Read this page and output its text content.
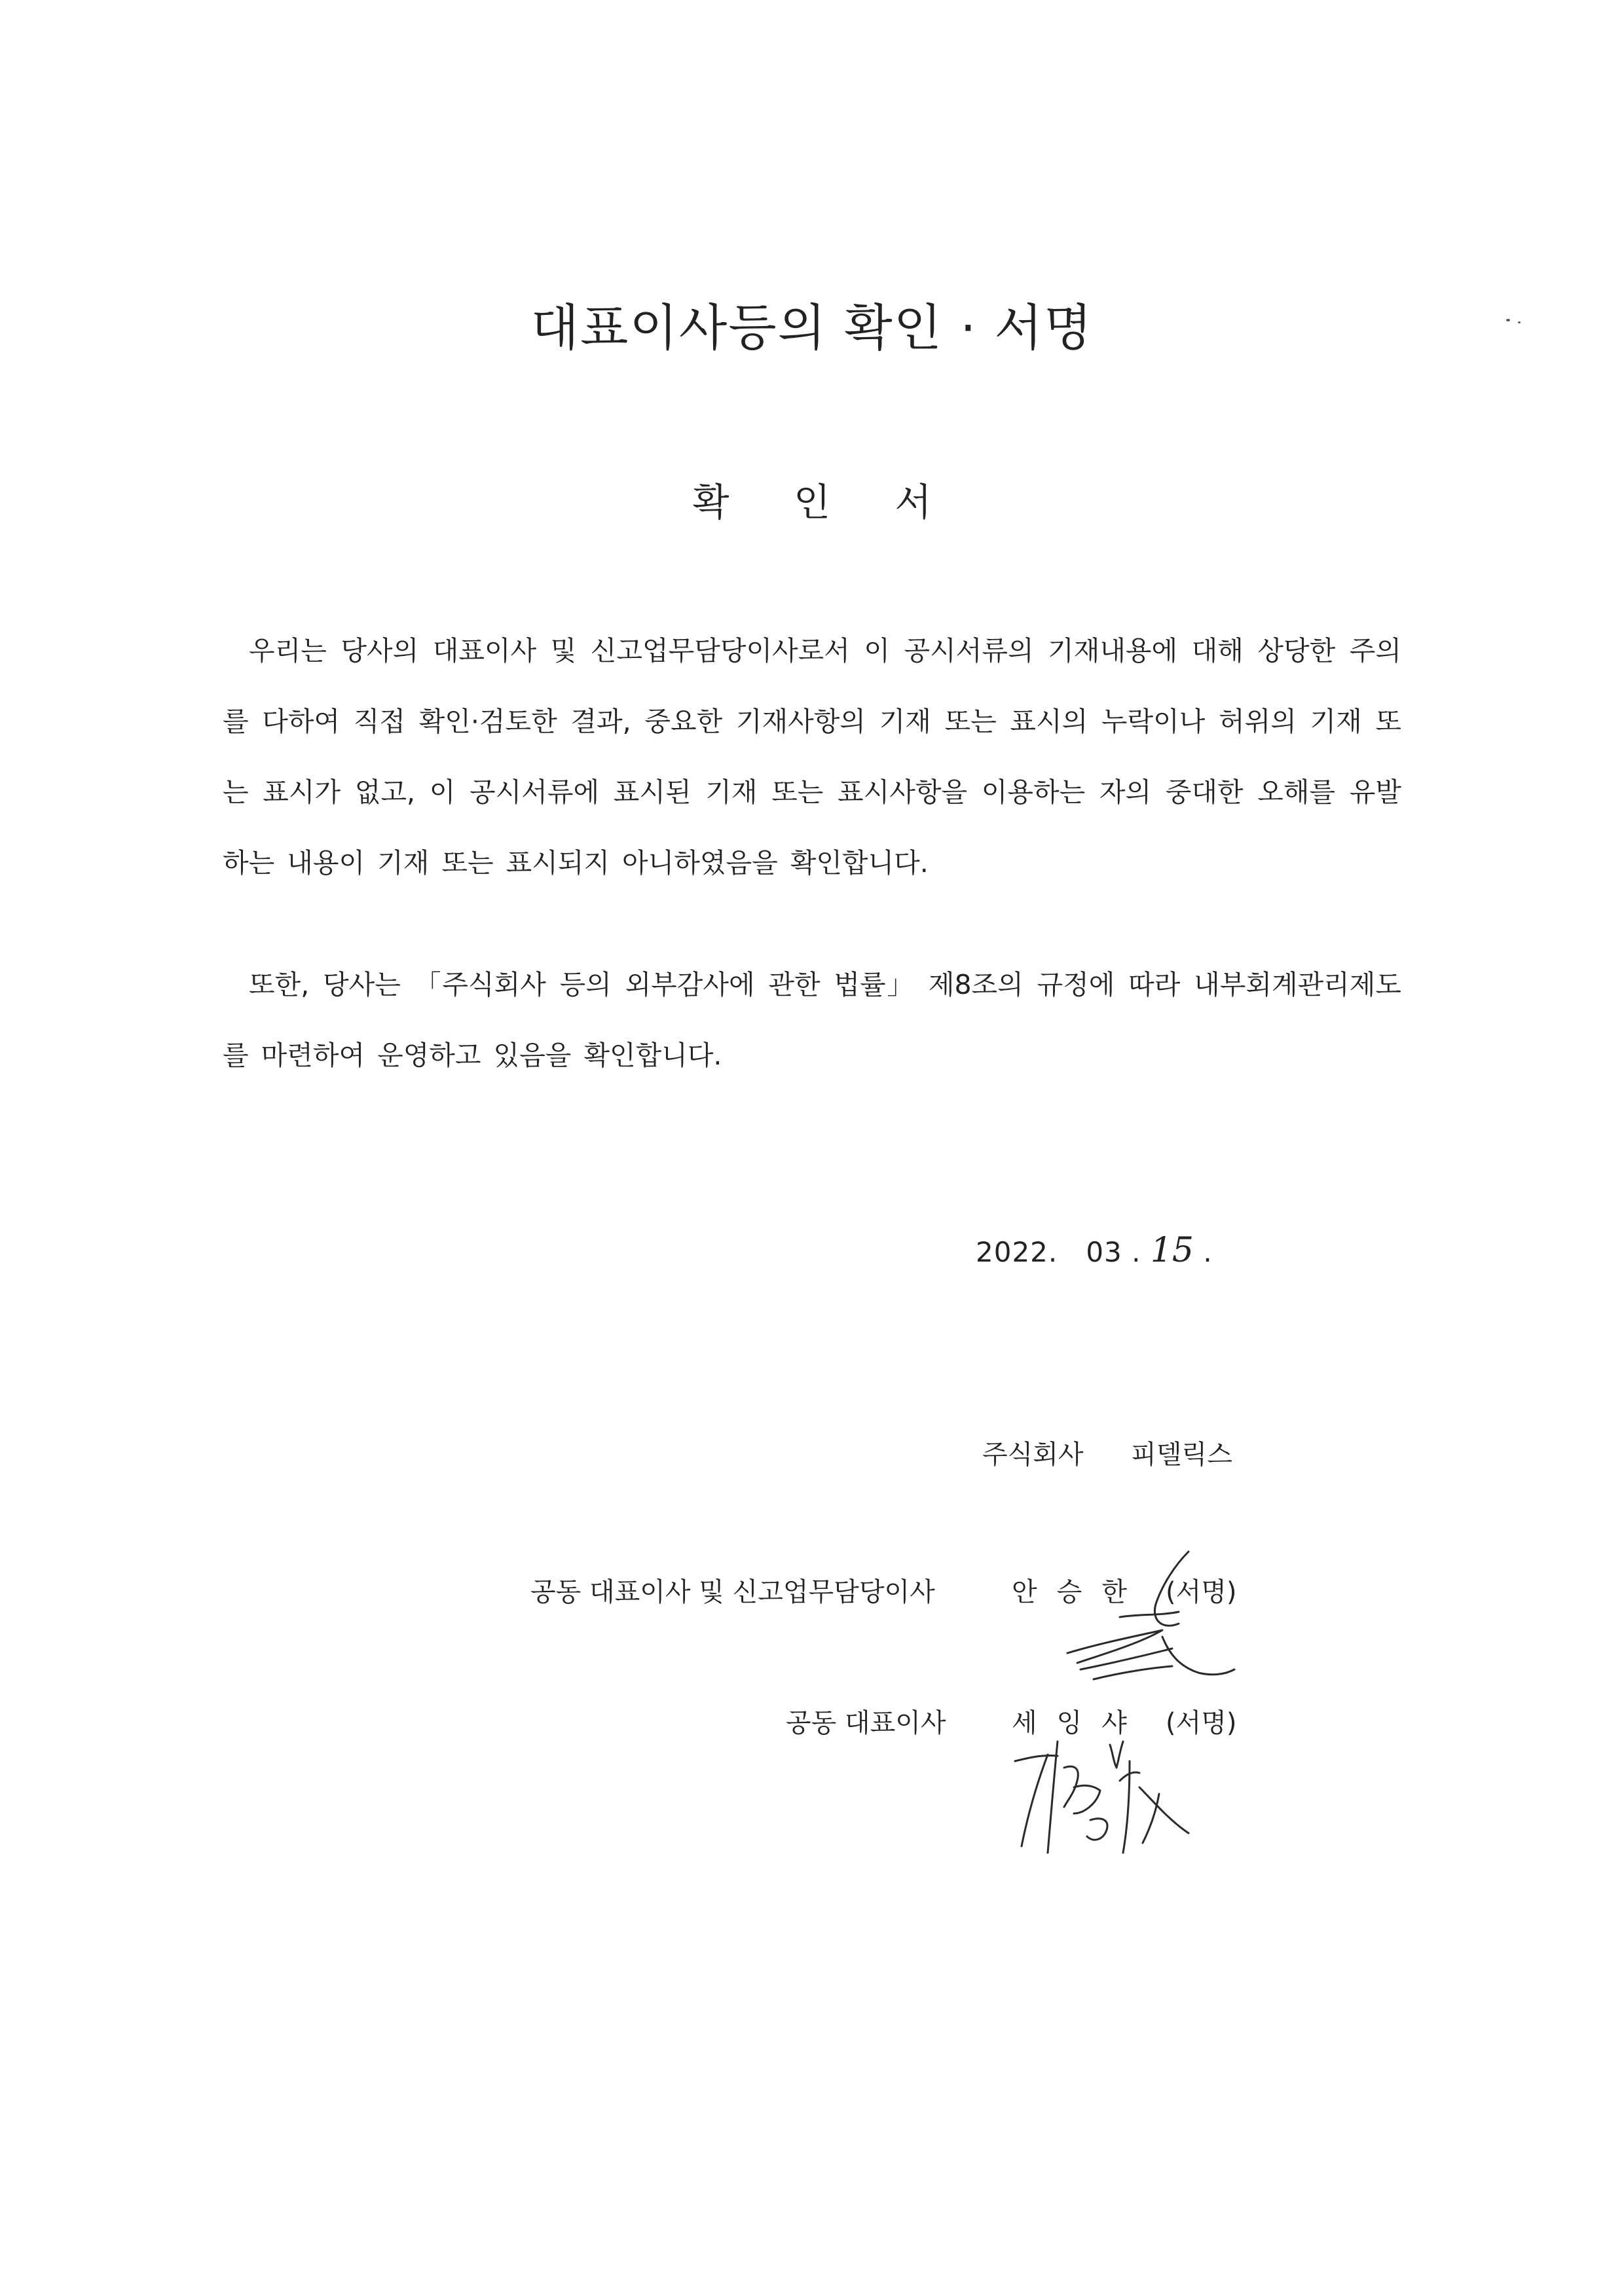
대표이사등의 확인 · 서명
확 인 서

우리는 당사의 대표이사 및 신고업무담당이사로서 이 공시서류의 기재내용에 대해 상당한 주의를 다하여 직접 확인·검토한 결과, 중요한 기재사항의 기재 또는 표시의 누락이나 허위의 기재 또는 표시가 없고, 이 공시서류에 표시된 기재 또는 표시사항을 이용하는 자의 중대한 오해를 유발하는 내용이 기재 또는 표시되지 아니하였음을 확인합니다.

또한, 당사는 「주식회사 등의 외부감사에 관한 법률」 제8조의 규정에 따라 내부회계관리제도를 마련하여 운영하고 있음을 확인합니다.

2022. 03 . 15 .
주식회사 피델릭스
공동 대표이사 및 신고업무담당이사	안승한 (서명)
공동 대표이사	세잉샤 (서명)
